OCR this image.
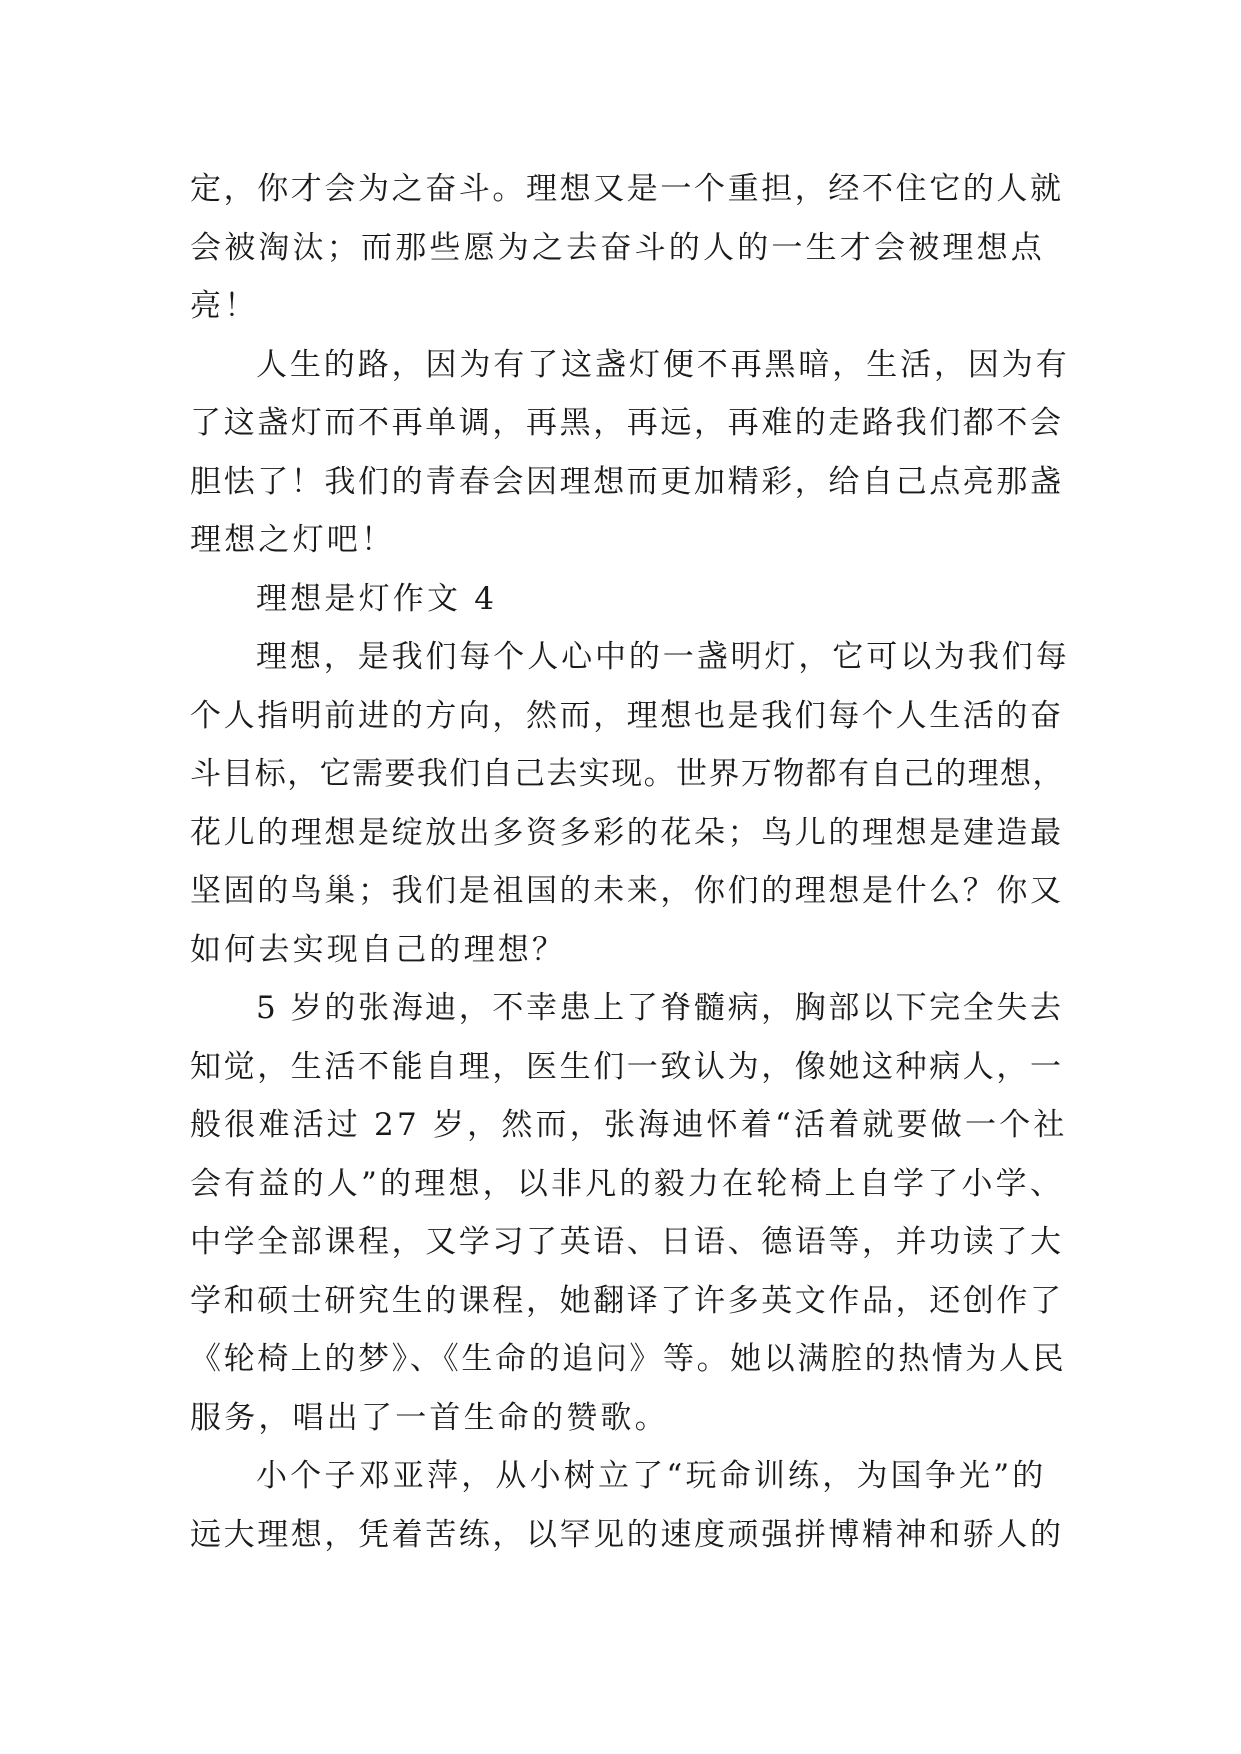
定，你才会为之奋斗。理想又是一个重担，经不住它的人就
会被淘汰；而那些愿为之去奋斗的人的一生才会被理想点
亮！
人生的路，因为有了这盏灯便不再黑暗，生活，因为有
了这盏灯而不再单调，再黑，再远，再难的走路我们都不会
胆怯了！我们的青春会因理想而更加精彩，给自己点亮那盏
理想之灯吧！
理想是灯作文 4
理想，是我们每个人心中的一盏明灯，它可以为我们每
个人指明前进的方向，然而，理想也是我们每个人生活的奋
斗目标，它需要我们自己去实现。世界万物都有自己的理想，
花儿的理想是绽放出多资多彩的花朵；鸟儿的理想是建造最
坚固的鸟巢；我们是祖国的未来，你们的理想是什么？你又
如何去实现自己的理想？
5 岁的张海迪，不幸患上了脊髓病，胸部以下完全失去
知觉，生活不能自理，医生们一致认为，像她这种病人，一
般很难活过 27 岁，然而，张海迪怀着“活着就要做一个社
会有益的人”的理想，以非凡的毅力在轮椅上自学了小学、
中学全部课程，又学习了英语、日语、德语等，并功读了大
学和硕士研究生的课程，她翻译了许多英文作品，还创作了
《轮椅上的梦》、《生命的追问》等。她以满腔的热情为人民
服务，唱出了一首生命的赞歌。
小个子邓亚萍，从小树立了“玩命训练，为国争光”的
远大理想，凭着苦练，以罕见的速度顽强拼博精神和骄人的
